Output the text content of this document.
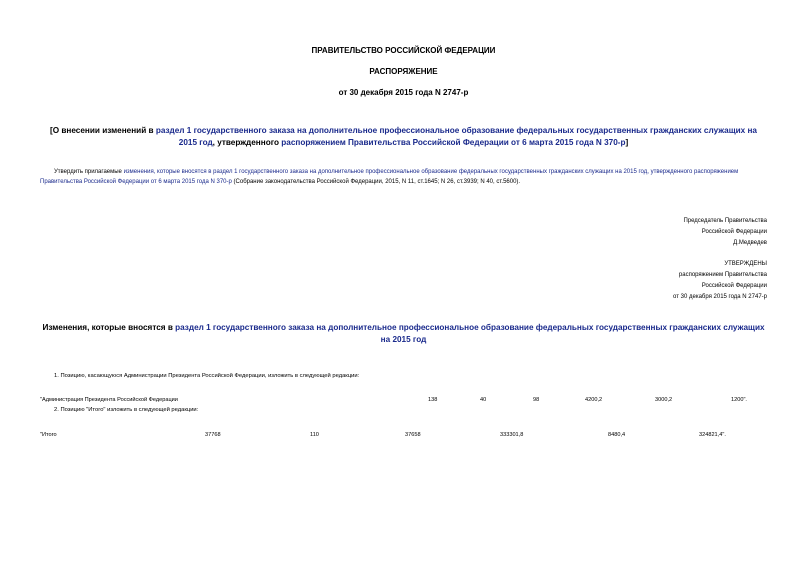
ПРАВИТЕЛЬСТВО РОССИЙСКОЙ ФЕДЕРАЦИИ
РАСПОРЯЖЕНИЕ
от 30 декабря 2015 года N 2747-р
[О внесении изменений в раздел 1 государственного заказа на дополнительное профессиональное образование федеральных государственных гражданских служащих на 2015 год, утвержденного распоряжением Правительства Российской Федерации от 6 марта 2015 года N 370-р]
Утвердить прилагаемые изменения, которые вносятся в раздел 1 государственного заказа на дополнительное профессиональное образование федеральных государственных гражданских служащих на 2015 год, утвержденного распоряжением Правительства Российской Федерации от 6 марта 2015 года N 370-р (Собрание законодательства Российской Федерации, 2015, N 11, ст.1645; N 26, ст.3939; N 40, ст.5600).
Председатель Правительства
Российской Федерации
Д.Медведев
УТВЕРЖДЕНЫ
распоряжением Правительства
Российской Федерации
от 30 декабря 2015 года N 2747-р
Изменения, которые вносятся в раздел 1 государственного заказа на дополнительное профессиональное образование федеральных государственных гражданских служащих на 2015 год
1. Позицию, касающуюся Администрации Президента Российской Федерации, изложить в следующей редакции:
"Администрация Президента Российской Федерации	138	40	98	4200,2	3000,2	1200".
2. Позицию "Итого" изложить в следующей редакции:
"Итого	37768	110	37658	333301,8	8480,4	324821,4".
